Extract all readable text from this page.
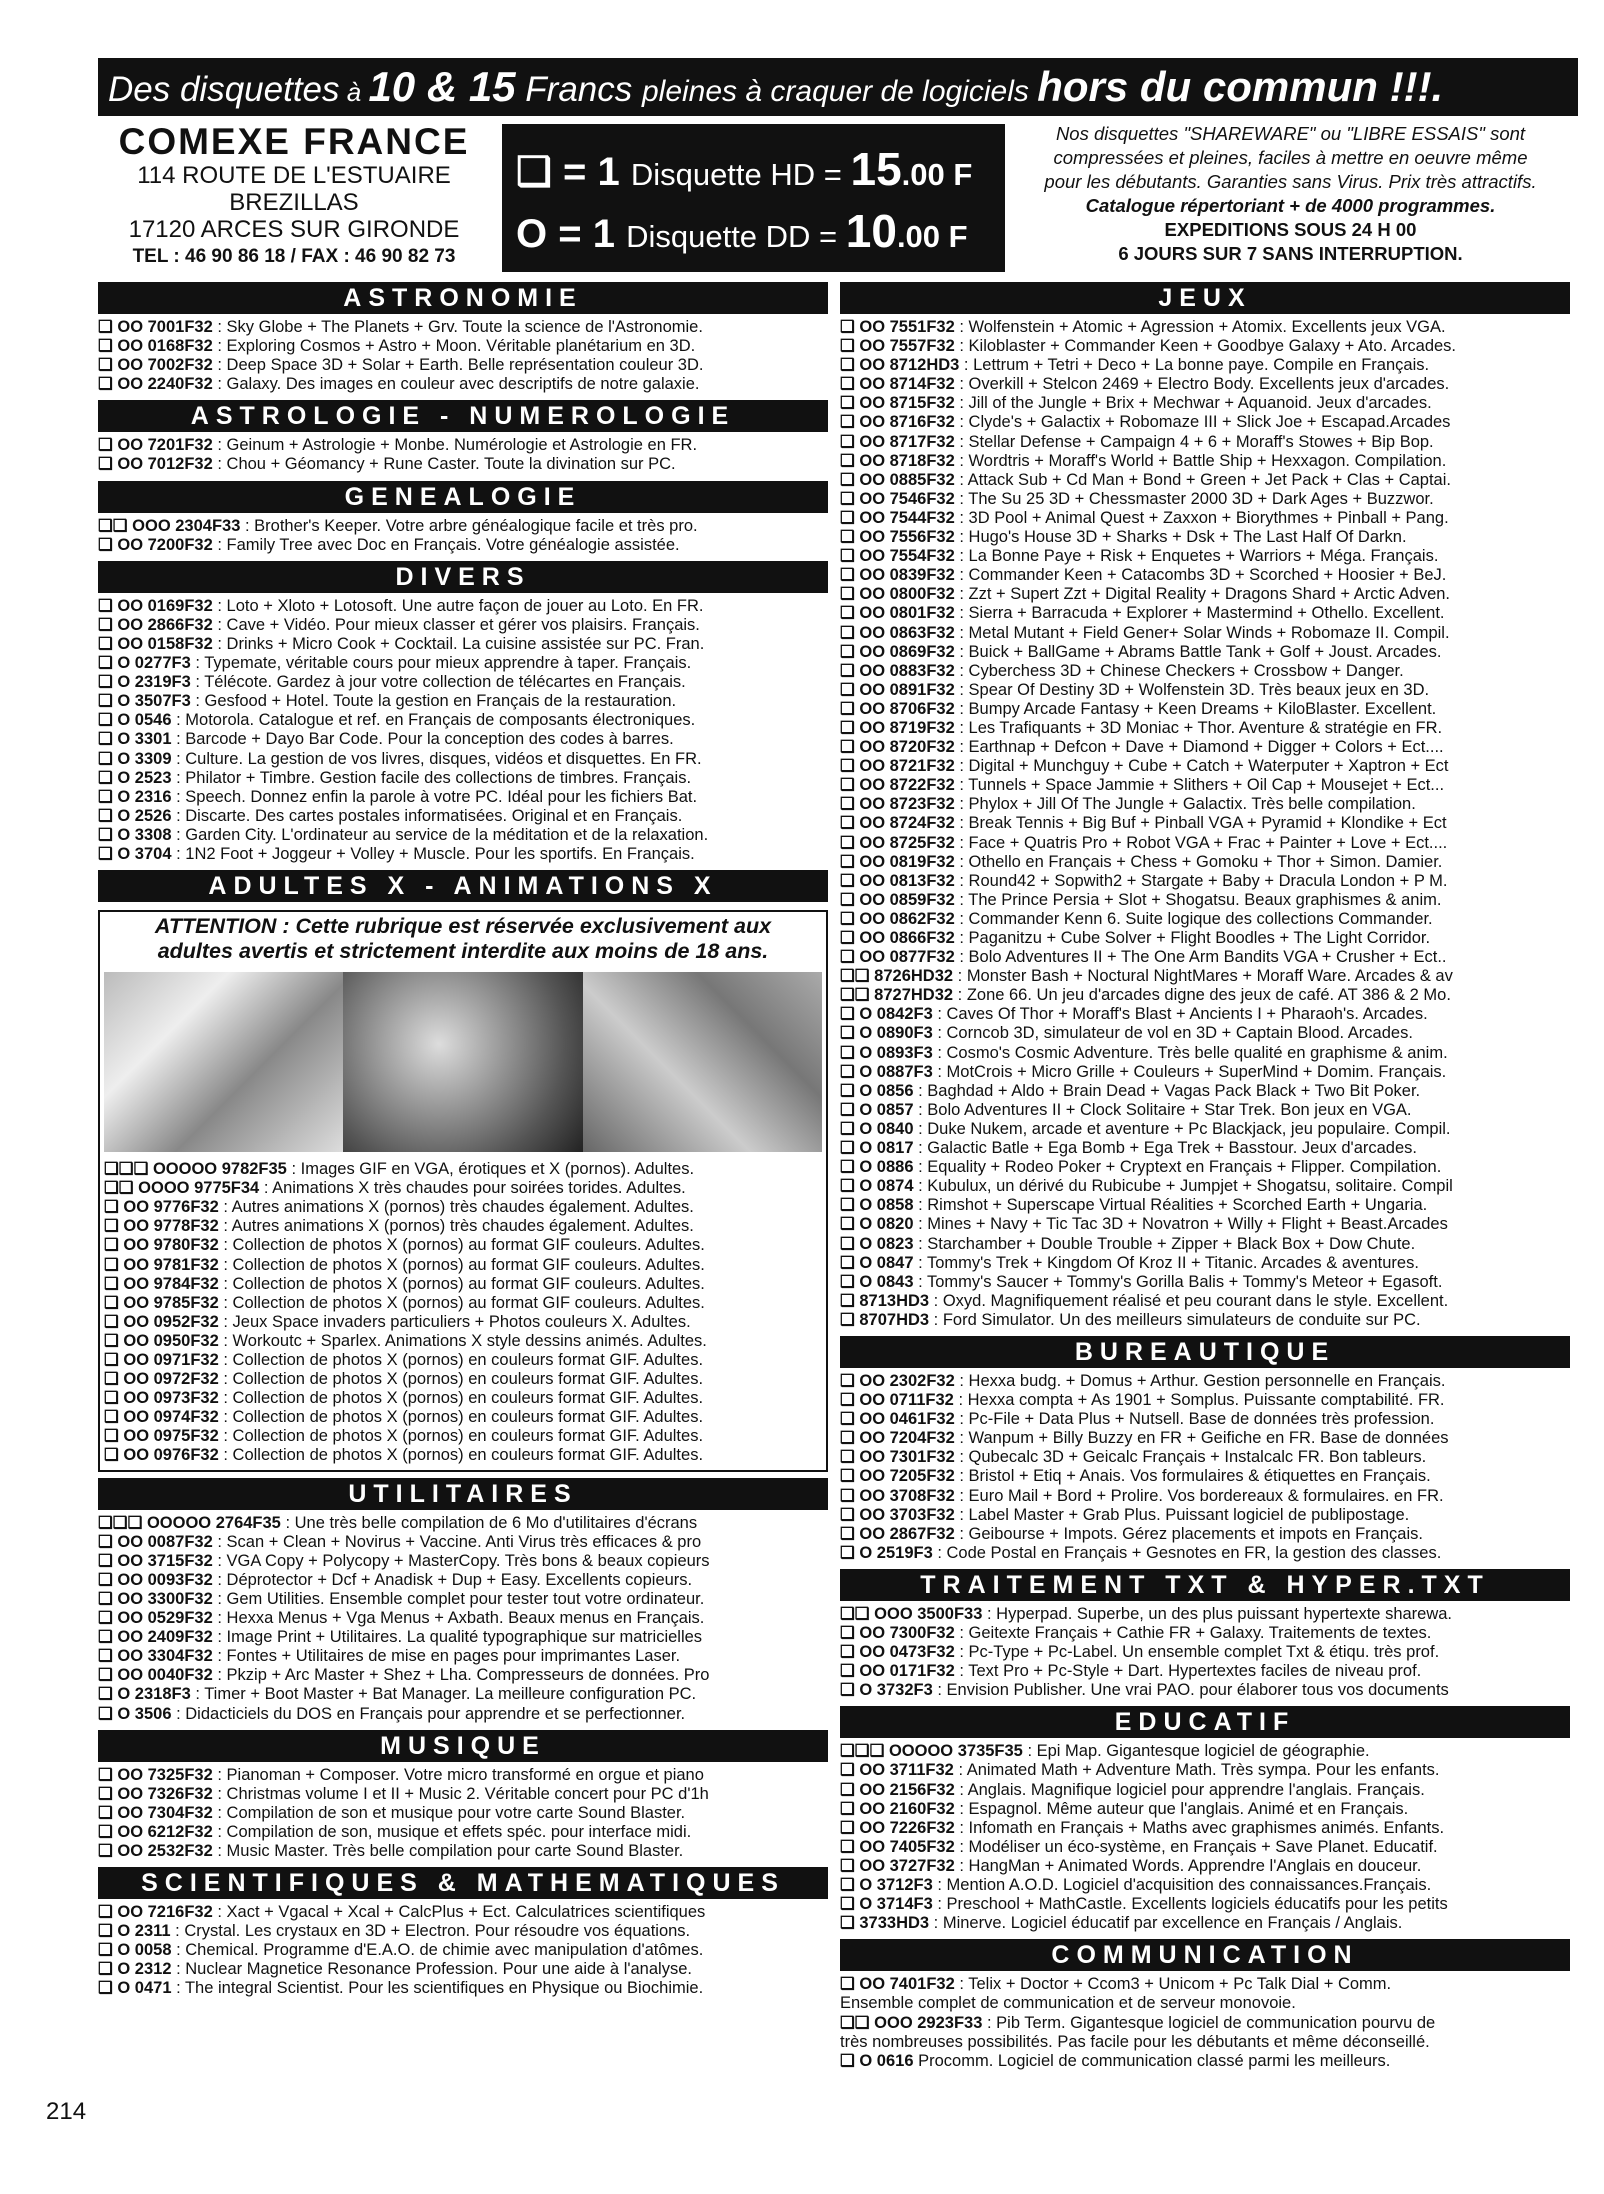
Des disquettes à 10 & 15 Francs pleines à craquer de logiciels hors du commun !!!.
COMEXE FRANCE
114 ROUTE DE L'ESTUAIRE
BREZILLAS
17120 ARCES SUR GIRONDE
TEL : 46 90 86 18 / FAX : 46 90 82 73
❑ = 1 Disquette HD = 15.00 F
O = 1 Disquette DD = 10.00 F
Nos disquettes "SHAREWARE" ou "LIBRE ESSAIS" sont
compressées et pleines, faciles à mettre en oeuvre même
pour les débutants. Garanties sans Virus. Prix très attractifs.
Catalogue répertoriant + de 4000 programmes.
EXPEDITIONS SOUS 24 H 00
6 JOURS SUR 7 SANS INTERRUPTION.
ASTRONOMIE
❑ OO 7001F32 : Sky Globe + The Planets + Grv. Toute la science de l'Astronomie.
❑ OO 0168F32 : Exploring Cosmos + Astro + Moon. Véritable planétarium en 3D.
❑ OO 7002F32 : Deep Space 3D + Solar + Earth. Belle représentation couleur 3D.
❑ OO 2240F32 : Galaxy. Des images en couleur avec descriptifs de notre galaxie.
ASTROLOGIE - NUMEROLOGIE
❑ OO 7201F32 : Geinum + Astrologie + Monbe. Numérologie et Astrologie en FR.
❑ OO 7012F32 : Chou + Géomancy + Rune Caster. Toute la divination sur PC.
GENEALOGIE
❑❑ OOO 2304F33 : Brother's Keeper. Votre arbre généalogique facile et très pro.
❑ OO 7200F32 : Family Tree avec Doc en Français. Votre généalogie assistée.
DIVERS
❑ OO 0169F32 : Loto + Xloto + Lotosoft. Une autre façon de jouer au Loto. En FR.
❑ OO 2866F32 : Cave + Vidéo. Pour mieux classer et gérer vos plaisirs. Français.
❑ OO 0158F32 : Drinks + Micro Cook + Cocktail. La cuisine assistée sur PC. Fran.
❑ O 0277F3 : Typemate, véritable cours pour mieux apprendre à taper. Français.
❑ O 2319F3 : Télécote. Gardez à jour votre collection de télécartes en Français.
❑ O 3507F3 : Gesfood + Hotel. Toute la gestion en Français de la restauration.
❑ O 0546 : Motorola. Catalogue et ref. en Français de composants électroniques.
❑ O 3301 : Barcode + Dayo Bar Code. Pour la conception des codes à barres.
❑ O 3309 : Culture. La gestion de vos livres, disques, vidéos et disquettes. En FR.
❑ O 2523 : Philator + Timbre. Gestion facile des collections de timbres. Français.
❑ O 2316 : Speech. Donnez enfin la parole à votre PC. Idéal pour les fichiers Bat.
❑ O 2526 : Discarte. Des cartes postales informatisées. Original et en Français.
❑ O 3308 : Garden City. L'ordinateur au service de la méditation et de la relaxation.
❑ O 3704 : 1N2 Foot + Joggeur + Volley + Muscle. Pour les sportifs. En Français.
ADULTES X - ANIMATIONS X
ATTENTION : Cette rubrique est réservée exclusivement aux
adultes avertis et strictement interdite aux moins de 18 ans.
❑❑❑ OOOOO 9782F35 : Images GIF en VGA, érotiques et X (pornos). Adultes.
❑❑ OOOO 9775F34 : Animations X très chaudes pour soirées torides. Adultes.
❑ OO 9776F32 : Autres animations X (pornos) très chaudes également. Adultes.
❑ OO 9778F32 : Autres animations X (pornos) très chaudes également. Adultes.
❑ OO 9780F32 : Collection de photos X (pornos) au format GIF couleurs. Adultes.
❑ OO 9781F32 : Collection de photos X (pornos) au format GIF couleurs. Adultes.
❑ OO 9784F32 : Collection de photos X (pornos) au format GIF couleurs. Adultes.
❑ OO 9785F32 : Collection de photos X (pornos) au format GIF couleurs. Adultes.
❑ OO 0952F32 : Jeux Space invaders particuliers + Photos couleurs X. Adultes.
❑ OO 0950F32 : Workoutc + Sparlex. Animations X style dessins animés. Adultes.
❑ OO 0971F32 : Collection de photos X (pornos) en couleurs format GIF. Adultes.
❑ OO 0972F32 : Collection de photos X (pornos) en couleurs format GIF. Adultes.
❑ OO 0973F32 : Collection de photos X (pornos) en couleurs format GIF. Adultes.
❑ OO 0974F32 : Collection de photos X (pornos) en couleurs format GIF. Adultes.
❑ OO 0975F32 : Collection de photos X (pornos) en couleurs format GIF. Adultes.
❑ OO 0976F32 : Collection de photos X (pornos) en couleurs format GIF. Adultes.
UTILITAIRES
❑❑❑ OOOOO 2764F35 : Une très belle compilation de 6 Mo d'utilitaires d'écrans
❑ OO 0087F32 : Scan + Clean + Novirus + Vaccine. Anti Virus très efficaces & pro
❑ OO 3715F32 : VGA Copy + Polycopy + MasterCopy. Très bons & beaux copieurs
❑ OO 0093F32 : Déprotector + Dcf + Anadisk + Dup + Easy. Excellents copieurs.
❑ OO 3300F32 : Gem Utilities. Ensemble complet pour tester tout votre ordinateur.
❑ OO 0529F32 : Hexxa Menus + Vga Menus + Axbath. Beaux menus en Français.
❑ OO 2409F32 : Image Print + Utilitaires. La qualité typographique sur matricielles
❑ OO 3304F32 : Fontes + Utilitaires de mise en pages pour imprimantes Laser.
❑ OO 0040F32 : Pkzip + Arc Master + Shez + Lha. Compresseurs de données. Pro
❑ O 2318F3 : Timer + Boot Master + Bat Manager. La meilleure configuration PC.
❑ O 3506 : Didacticiels du DOS en Français pour apprendre et se perfectionner.
MUSIQUE
❑ OO 7325F32 : Pianoman + Composer. Votre micro transformé en orgue et piano
❑ OO 7326F32 : Christmas volume I et II + Music 2. Véritable concert pour PC d'1h
❑ OO 7304F32 : Compilation de son et musique pour votre carte Sound Blaster.
❑ OO 6212F32 : Compilation de son, musique et effets spéc. pour interface midi.
❑ OO 2532F32 : Music Master. Très belle compilation pour carte Sound Blaster.
SCIENTIFIQUES & MATHEMATIQUES
❑ OO 7216F32 : Xact + Vgacal + Xcal + CalcPlus + Ect. Calculatrices scientifiques
❑ O 2311 : Crystal. Les crystaux en 3D + Electron. Pour résoudre vos équations.
❑ O 0058 : Chemical. Programme d'E.A.O. de chimie avec manipulation d'atômes.
❑ O 2312 : Nuclear Magnetice Resonance Profession. Pour une aide à l'analyse.
❑ O 0471 : The integral Scientist. Pour les scientifiques en Physique ou Biochimie.
JEUX
❑ OO 7551F32 : Wolfenstein + Atomic + Agression + Atomix. Excellents jeux VGA.
❑ OO 7557F32 : Kiloblaster + Commander Keen + Goodbye Galaxy + Ato. Arcades.
❑ OO 8712HD3 : Lettrum + Tetri + Deco + La bonne paye. Compile en Français.
❑ OO 8714F32 : Overkill + Stelcon 2469 + Electro Body. Excellents jeux d'arcades.
❑ OO 8715F32 : Jill of the Jungle + Brix + Mechwar + Aquanoid. Jeux d'arcades.
❑ OO 8716F32 : Clyde's + Galactix + Robomaze III + Slick Joe + Escapad.Arcades
❑ OO 8717F32 : Stellar Defense + Campaign 4 + 6 + Moraff's Stowes + Bip Bop.
❑ OO 8718F32 : Wordtris + Moraff's World + Battle Ship + Hexxagon. Compilation.
❑ OO 0885F32 : Attack Sub + Cd Man + Bond + Green + Jet Pack + Clas + Captai.
❑ OO 7546F32 : The Su 25 3D + Chessmaster 2000 3D + Dark Ages + Buzzwor.
❑ OO 7544F32 : 3D Pool + Animal Quest + Zaxxon + Biorythmes + Pinball + Pang.
❑ OO 7556F32 : Hugo's House 3D + Sharks + Dsk + The Last Half Of Darkn.
❑ OO 7554F32 : La Bonne Paye + Risk + Enquetes + Warriors + Méga. Français.
❑ OO 0839F32 : Commander Keen + Catacombs 3D + Scorched + Hoosier + BeJ.
❑ OO 0800F32 : Zzt + Supert Zzt + Digital Reality + Dragons Shard + Arctic Adven.
❑ OO 0801F32 : Sierra + Barracuda + Explorer + Mastermind + Othello. Excellent.
❑ OO 0863F32 : Metal Mutant + Field Gener+ Solar Winds + Robomaze II. Compil.
❑ OO 0869F32 : Buick + BallGame + Abrams Battle Tank + Golf + Joust. Arcades.
❑ OO 0883F32 : Cyberchess 3D + Chinese Checkers + Crossbow + Danger.
❑ OO 0891F32 : Spear Of Destiny 3D + Wolfenstein 3D. Très beaux jeux en 3D.
❑ OO 8706F32 : Bumpy Arcade Fantasy + Keen Dreams + KiloBlaster. Excellent.
❑ OO 8719F32 : Les Trafiquants + 3D Moniac + Thor. Aventure & stratégie en FR.
❑ OO 8720F32 : Earthnap + Defcon + Dave + Diamond + Digger + Colors + Ect....
❑ OO 8721F32 : Digital + Munchguy + Cube + Catch + Waterputer + Xaptron + Ect
❑ OO 8722F32 : Tunnels + Space Jammie + Slithers + Oil Cap + Mousejet + Ect...
❑ OO 8723F32 : Phylox + Jill Of The Jungle + Galactix. Très belle compilation.
❑ OO 8724F32 : Break Tennis + Big Buf + Pinball VGA + Pyramid + Klondike + Ect
❑ OO 8725F32 : Face + Quatris Pro + Robot VGA + Frac + Painter + Love + Ect....
❑ OO 0819F32 : Othello en Français + Chess + Gomoku + Thor + Simon. Damier.
❑ OO 0813F32 : Round42 + Sopwith2 + Stargate + Baby + Dracula London + P M.
❑ OO 0859F32 : The Prince Persia + Slot + Shogatsu. Beaux graphismes & anim.
❑ OO 0862F32 : Commander Kenn 6. Suite logique des collections Commander.
❑ OO 0866F32 : Paganitzu + Cube Solver + Flight Boodles + The Light Corridor.
❑ OO 0877F32 : Bolo Adventures II + The One Arm Bandits VGA + Crusher + Ect..
❑❑ 8726HD32 : Monster Bash + Noctural NightMares + Moraff Ware. Arcades & av
❑❑ 8727HD32 : Zone 66. Un jeu d'arcades digne des jeux de café. AT 386 & 2 Mo.
❑ O 0842F3 : Caves Of Thor + Moraff's Blast + Ancients I + Pharaoh's. Arcades.
❑ O 0890F3 : Corncob 3D, simulateur de vol en 3D + Captain Blood. Arcades.
❑ O 0893F3 : Cosmo's Cosmic Adventure. Très belle qualité en graphisme & anim.
❑ O 0887F3 : MotCrois + Micro Grille + Couleurs + SuperMind + Domim. Français.
❑ O 0856 : Baghdad + Aldo + Brain Dead + Vagas Pack Black + Two Bit Poker.
❑ O 0857 : Bolo Adventures II + Clock Solitaire + Star Trek. Bon jeux en VGA.
❑ O 0840 : Duke Nukem, arcade et aventure + Pc Blackjack, jeu populaire. Compil.
❑ O 0817 : Galactic Batle + Ega Bomb + Ega Trek + Basstour. Jeux d'arcades.
❑ O 0886 : Equality + Rodeo Poker + Cryptext en Français + Flipper. Compilation.
❑ O 0874 : Kubulux, un dérivé du Rubicube + Jumpjet + Shogatsu, solitaire. Compil
❑ O 0858 : Rimshot + Superscape Virtual Réalities + Scorched Earth + Ungaria.
❑ O 0820 : Mines + Navy + Tic Tac 3D + Novatron + Willy + Flight + Beast.Arcades
❑ O 0823 : Starchamber + Double Trouble + Zipper + Black Box + Dow Chute.
❑ O 0847 : Tommy's Trek + Kingdom Of Kroz II + Titanic. Arcades & aventures.
❑ O 0843 : Tommy's Saucer + Tommy's Gorilla Balis + Tommy's Meteor + Egasoft.
❑ 8713HD3 : Oxyd. Magnifiquement réalisé et peu courant dans le style. Excellent.
❑ 8707HD3 : Ford Simulator. Un des meilleurs simulateurs de conduite sur PC.
BUREAUTIQUE
❑ OO 2302F32 : Hexxa budg. + Domus + Arthur. Gestion personnelle en Français.
❑ OO 0711F32 : Hexxa compta + As 1901 + Somplus. Puissante comptabilité. FR.
❑ OO 0461F32 : Pc-File + Data Plus + Nutsell. Base de données très profession.
❑ OO 7204F32 : Wanpum + Billy Buzzy en FR + Geifiche en FR. Base de données
❑ OO 7301F32 : Qubecalc 3D + Geicalc Français + Instalcalc FR. Bon tableurs.
❑ OO 7205F32 : Bristol + Etiq + Anais. Vos formulaires & étiquettes en Français.
❑ OO 3708F32 : Euro Mail + Bord + Prolire. Vos bordereaux & formulaires. en FR.
❑ OO 3703F32 : Label Master + Grab Plus. Puissant logiciel de publipostage.
❑ OO 2867F32 : Geibourse + Impots. Gérez placements et impots en Français.
❑ O 2519F3 : Code Postal en Français + Gesnotes en FR, la gestion des classes.
TRAITEMENT TXT & HYPER.TXT
❑❑ OOO 3500F33 : Hyperpad. Superbe, un des plus puissant hypertexte sharewa.
❑ OO 7300F32 : Geitexte Français + Cathie FR + Galaxy. Traitements de textes.
❑ OO 0473F32 : Pc-Type + Pc-Label. Un ensemble complet Txt & étiqu. très prof.
❑ OO 0171F32 : Text Pro + Pc-Style + Dart. Hypertextes faciles de niveau prof.
❑ O 3732F3 : Envision Publisher. Une vrai PAO. pour élaborer tous vos documents
EDUCATIF
❑❑❑ OOOOO 3735F35 : Epi Map. Gigantesque logiciel de géographie.
❑ OO 3711F32 : Animated Math + Adventure Math. Très sympa. Pour les enfants.
❑ OO 2156F32 : Anglais. Magnifique logiciel pour apprendre l'anglais. Français.
❑ OO 2160F32 : Espagnol. Même auteur que l'anglais. Animé et en Français.
❑ OO 7226F32 : Infomath en Français + Maths avec graphismes animés. Enfants.
❑ OO 7405F32 : Modéliser un éco-système, en Français + Save Planet. Educatif.
❑ OO 3727F32 : HangMan + Animated Words. Apprendre l'Anglais en douceur.
❑ O 3712F3 : Mention A.O.D. Logiciel d'acquisition des connaissances.Français.
❑ O 3714F3 : Preschool + MathCastle. Excellents logiciels éducatifs pour les petits
❑ 3733HD3 : Minerve. Logiciel éducatif par excellence en Français / Anglais.
COMMUNICATION
❑ OO 7401F32 : Telix + Doctor + Ccom3 + Unicom + Pc Talk Dial + Comm.
Ensemble complet de communication et de serveur monovoie.
❑❑ OOO 2923F33 : Pib Term. Gigantesque logiciel de communication pourvu de
très nombreuses possibilités. Pas facile pour les débutants et même déconseillé.
❑ O 0616 Procomm. Logiciel de communication classé parmi les meilleurs.
214
